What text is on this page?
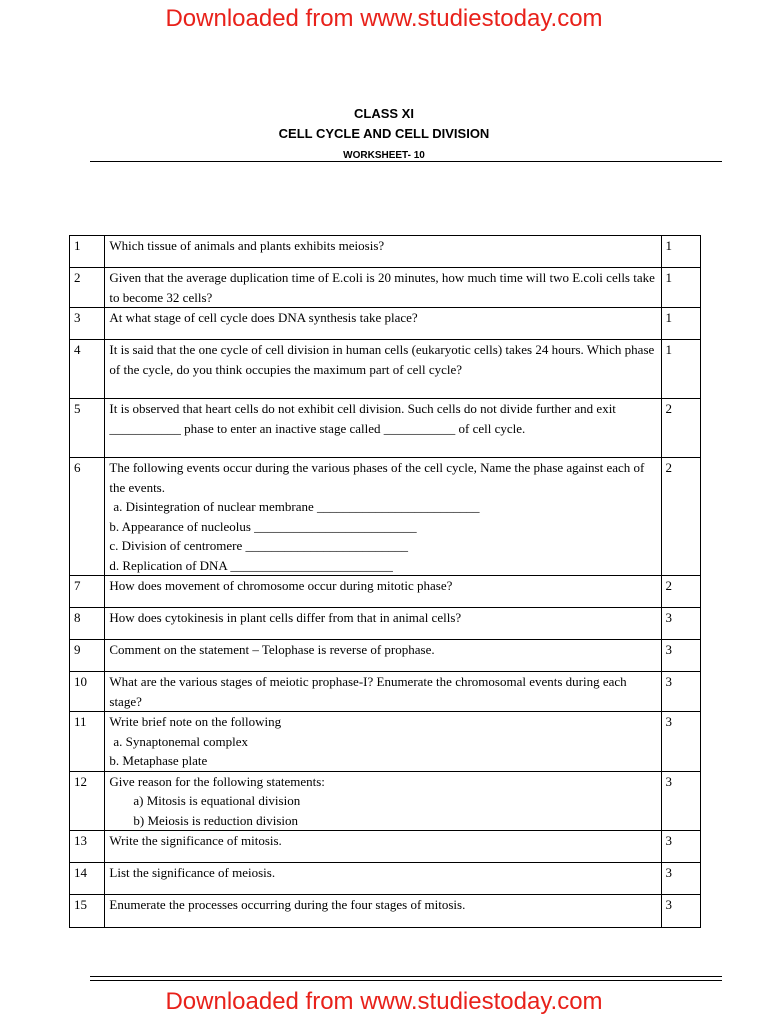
Downloaded from www.studiestoday.com
CLASS XI
CELL CYCLE AND CELL DIVISION
WORKSHEET- 10
1	Which tissue of animals and plants exhibits meiosis?	1
2	Given that the average duplication time of E.coli is 20 minutes, how much time will two E.coli cells take to become 32 cells?	1
3	At what stage of cell cycle does DNA synthesis take place?	1
4	It is said that the one cycle of cell division in human cells (eukaryotic cells) takes 24 hours. Which phase of the cycle, do you think occupies the maximum part of cell cycle?	1
5	It is observed that heart cells do not exhibit cell division. Such cells do not divide further and exit ___________ phase to enter an inactive stage called ___________ of cell cycle.	2
6	The following events occur during the various phases of the cell cycle, Name the phase against each of the events.
a. Disintegration of nuclear membrane _________________________
b. Appearance of nucleolus _________________________
c. Division of centromere _________________________
d. Replication of DNA _________________________	2
7	How does movement of chromosome occur during mitotic phase?	2
8	How does cytokinesis in plant cells differ from that in animal cells?	3
9	Comment on the statement – Telophase is reverse of prophase.	3
10	What are the various stages of meiotic prophase-I? Enumerate the chromosomal events during each stage?	3
11	Write brief note on the following
a. Synaptonemal complex
b. Metaphase plate	3
12	Give reason for the following statements:
a) Mitosis is equational division
b) Meiosis is reduction division	3
13	Write the significance of mitosis.	3
14	List the significance of meiosis.	3
15	Enumerate the processes occurring during the four stages of mitosis.	3
Downloaded from www.studiestoday.com
